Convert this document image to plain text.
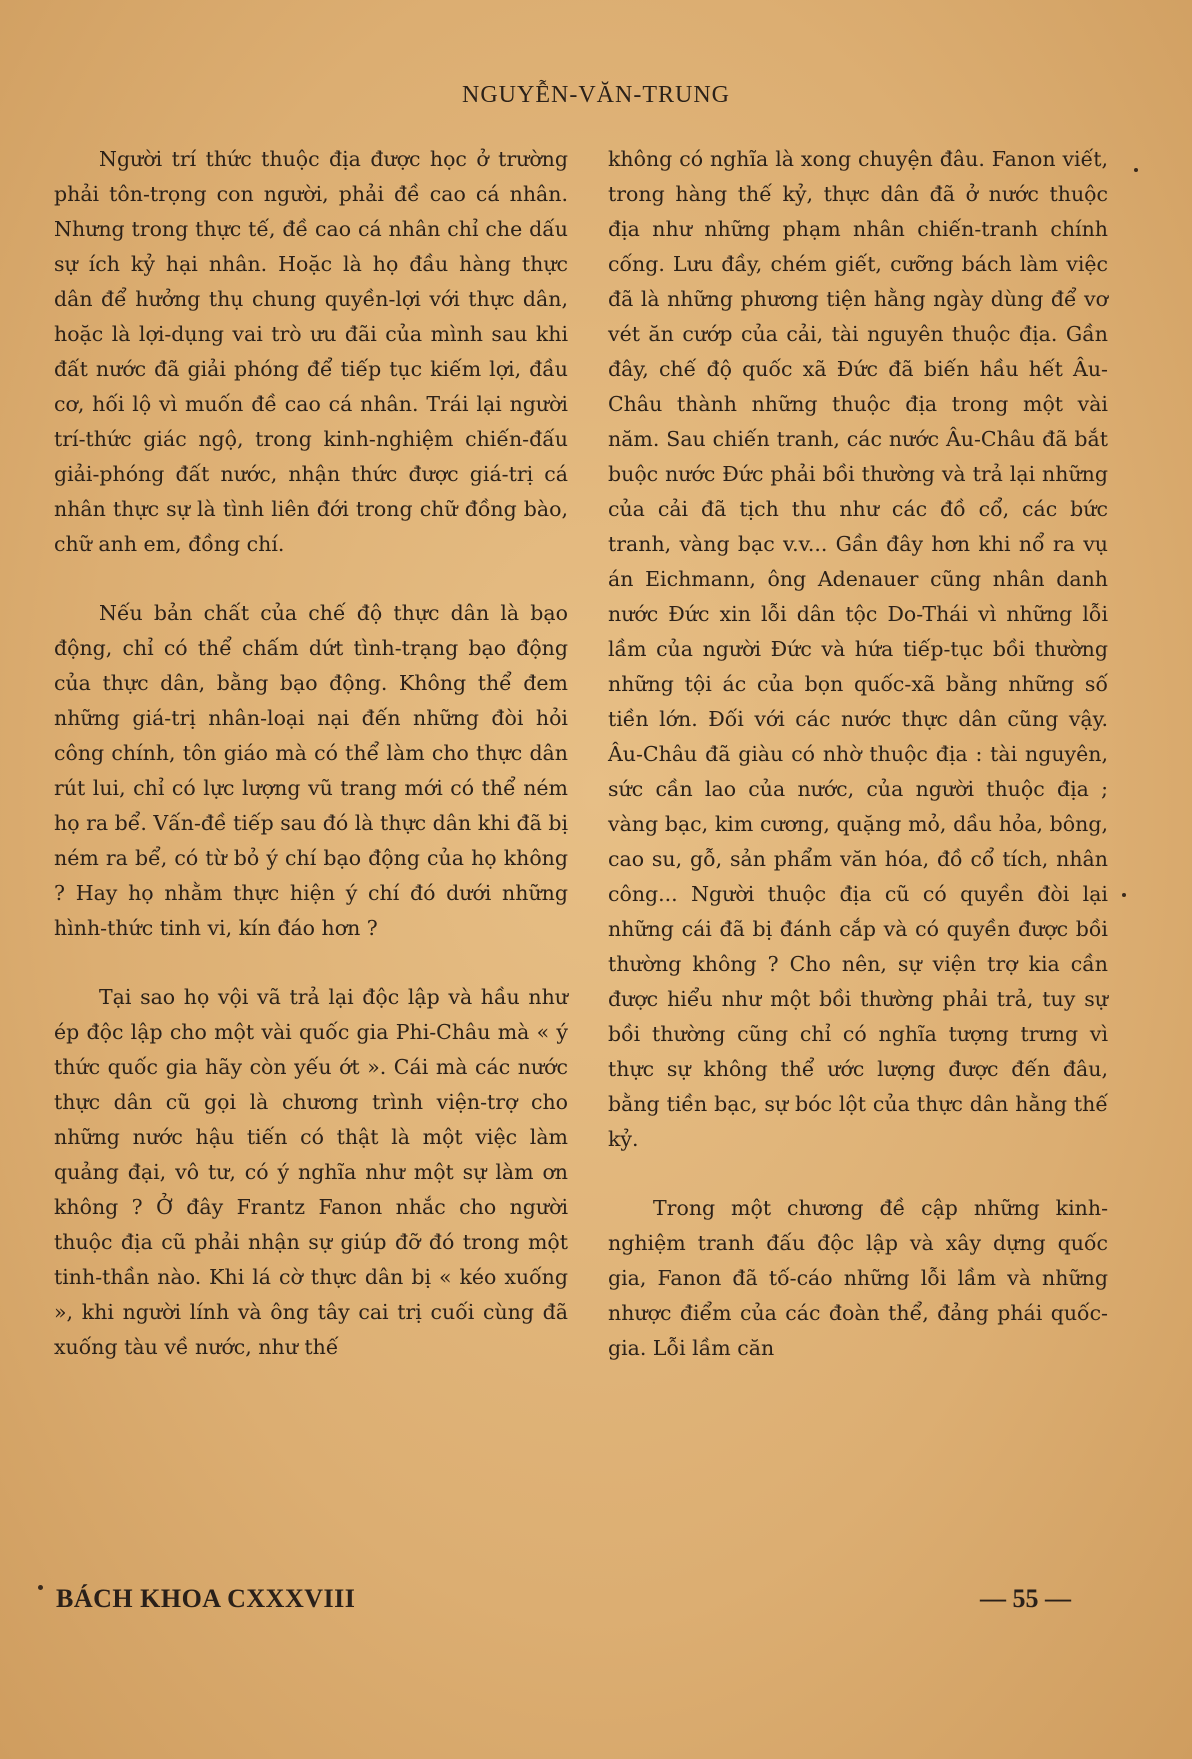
NGUYỄN-VĂN-TRUNG

Người trí thức thuộc địa được học ở trường phải tôn-trọng con người, phải đề cao cá nhân. Nhưng trong thực tế, đề cao cá nhân chỉ che dấu sự ích kỷ hại nhân. Hoặc là họ đầu hàng thực dân để hưởng thụ chung quyền-lợi với thực dân, hoặc là lợi-dụng vai trò ưu đãi của mình sau khi đất nước đã giải phóng để tiếp tục kiếm lợi, đầu cơ, hối lộ vì muốn đề cao cá nhân. Trái lại người trí-thức giác ngộ, trong kinh-nghiệm chiến-đấu giải-phóng đất nước, nhận thức được giá-trị cá nhân thực sự là tình liên đới trong chữ đồng bào, chữ anh em, đồng chí.

Nếu bản chất của chế độ thực dân là bạo động, chỉ có thể chấm dứt tình-trạng bạo động của thực dân, bằng bạo động. Không thể đem những giá-trị nhân-loại nại đến những đòi hỏi công chính, tôn giáo mà có thể làm cho thực dân rút lui, chỉ có lực lượng vũ trang mới có thể ném họ ra bể. Vấn-đề tiếp sau đó là thực dân khi đã bị ném ra bể, có từ bỏ ý chí bạo động của họ không ? Hay họ nhằm thực hiện ý chí đó dưới những hình-thức tinh vi, kín đáo hơn ?

Tại sao họ vội vã trả lại độc lập và hầu như ép độc lập cho một vài quốc gia Phi-Châu mà « ý thức quốc gia hãy còn yếu ớt ». Cái mà các nước thực dân cũ gọi là chương trình viện-trợ cho những nước hậu tiến có thật là một việc làm quảng đại, vô tư, có ý nghĩa như một sự làm ơn không ? Ở đây Frantz Fanon nhắc cho người thuộc địa cũ phải nhận sự giúp đỡ đó trong một tinh-thần nào. Khi lá cờ thực dân bị « kéo xuống », khi người lính và ông tây cai trị cuối cùng đã xuống tàu về nước, như thế

không có nghĩa là xong chuyện đâu. Fanon viết, trong hàng thế kỷ, thực dân đã ở nước thuộc địa như những phạm nhân chiến-tranh chính cống. Lưu đầy, chém giết, cưỡng bách làm việc đã là những phương tiện hằng ngày dùng để vơ vét ăn cướp của cải, tài nguyên thuộc địa. Gần đây, chế độ quốc xã Đức đã biến hầu hết Âu-Châu thành những thuộc địa trong một vài năm. Sau chiến tranh, các nước Âu-Châu đã bắt buộc nước Đức phải bồi thường và trả lại những của cải đã tịch thu như các đồ cổ, các bức tranh, vàng bạc v.v... Gần đây hơn khi nổ ra vụ án Eichmann, ông Adenauer cũng nhân danh nước Đức xin lỗi dân tộc Do-Thái vì những lỗi lầm của người Đức và hứa tiếp-tục bồi thường những tội ác của bọn quốc-xã bằng những số tiền lớn. Đối với các nước thực dân cũng vậy. Âu-Châu đã giàu có nhờ thuộc địa : tài nguyên, sức cần lao của nước, của người thuộc địa ; vàng bạc, kim cương, quặng mỏ, dầu hỏa, bông, cao su, gỗ, sản phẩm văn hóa, đồ cổ tích, nhân công... Người thuộc địa cũ có quyền đòi lại những cái đã bị đánh cắp và có quyền được bồi thường không ? Cho nên, sự viện trợ kia cần được hiểu như một bồi thường phải trả, tuy sự bồi thường cũng chỉ có nghĩa tượng trưng vì thực sự không thể ước lượng được đến đâu, bằng tiền bạc, sự bóc lột của thực dân hằng thế kỷ.

Trong một chương đề cập những kinh-nghiệm tranh đấu độc lập và xây dựng quốc gia, Fanon đã tố-cáo những lỗi lầm và những nhược điểm của các đoàn thể, đảng phái quốc-gia. Lỗi lầm căn

BÁCH KHOA CXXXVIII	— 55 —
